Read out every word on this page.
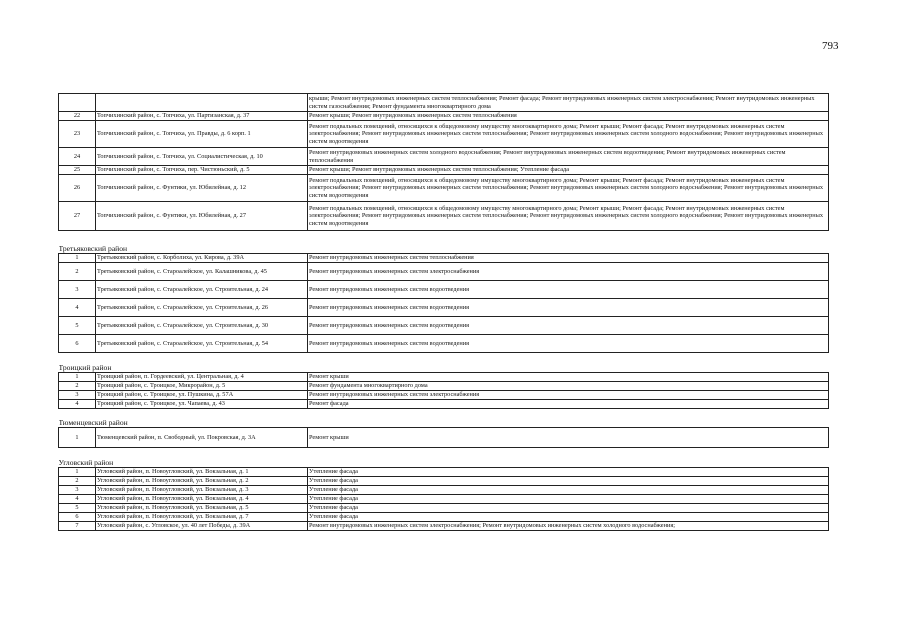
793
		крыши; Ремонт внутридомовых инженерных систем теплоснабжения; Ремонт фасада; Ремонт внутридомовых инженерных систем электроснабжения; Ремонт внутридомовых инженерных систем газоснабжения; Ремонт фундамента многоквартирного дома
22	Топчихинский район, с. Топчиха, ул. Партизанская, д. 37	Ремонт крыши; Ремонт внутридомовых инженерных систем теплоснабжения
23	Топчихинский район, с. Топчиха, ул. Правды, д. 6 корп. 1	Ремонт подвальных помещений, относящихся к общедомовому имуществу многоквартирного дома; Ремонт крыши; Ремонт фасада; Ремонт внутридомовых инженерных систем электроснабжения; Ремонт внутридомовых инженерных систем теплоснабжения; Ремонт внутридомовых инженерных систем холодного водоснабжения; Ремонт внутридомовых инженерных систем водоотведения
24	Топчихинский район, с. Топчиха, ул. Социалистическая, д. 10	Ремонт внутридомовых инженерных систем холодного водоснабжения; Ремонт внутридомовых инженерных систем водоотведения; Ремонт внутридомовых инженерных систем теплоснабжения
25	Топчихинский район, с. Топчиха, пер. Чистюньский, д. 5	Ремонт крыши; Ремонт внутридомовых инженерных систем теплоснабжения; Утепление фасада
26	Топчихинский район, с. Фунтики, ул. Юбилейная, д. 12	Ремонт подвальных помещений, относящихся к общедомовому имуществу многоквартирного дома; Ремонт крыши; Ремонт фасада; Ремонт внутридомовых инженерных систем электроснабжения; Ремонт внутридомовых инженерных систем теплоснабжения; Ремонт внутридомовых инженерных систем холодного водоснабжения; Ремонт внутридомовых инженерных систем водоотведения
27	Топчихинский район, с. Фунтики, ул. Юбилейная, д. 27	Ремонт подвальных помещений, относящихся к общедомовому имуществу многоквартирного дома; Ремонт крыши; Ремонт фасада; Ремонт внутридомовых инженерных систем электроснабжения; Ремонт внутридомовых инженерных систем теплоснабжения; Ремонт внутридомовых инженерных систем холодного водоснабжения; Ремонт внутридомовых инженерных систем водоотведения
Третьяковский район		
1	Третьяковский район, с. Корболиха, ул. Кирова, д. 39А	Ремонт внутридомовых инженерных систем теплоснабжения
2	Третьяковский район, с. Староалейское, ул. Калашникова, д. 45	Ремонт внутридомовых инженерных систем электроснабжения
3	Третьяковский район, с. Староалейское, ул. Строительная, д. 24	Ремонт внутридомовых инженерных систем водоотведения
4	Третьяковский район, с. Староалейское, ул. Строительная, д. 26	Ремонт внутридомовых инженерных систем водоотведения
5	Третьяковский район, с. Староалейское, ул. Строительная, д. 30	Ремонт внутридомовых инженерных систем водоотведения
6	Третьяковский район, с. Староалейское, ул. Строительная, д. 54	Ремонт внутридомовых инженерных систем водоотведения
Троицкий район		
1	Троицкий район, п. Гордеевский, ул. Центральная, д. 4	Ремонт крыши
2	Троицкий район, с. Троицкое, Микрорайон, д. 5	Ремонт фундамента многоквартирного дома
3	Троицкий район, с. Троицкое, ул. Пушкина, д. 57А	Ремонт внутридомовых инженерных систем электроснабжения
4	Троицкий район, с. Троицкое, ул. Чапаева, д. 43	Ремонт фасада
Тюменцевский район		
1	Тюменцевский район, п. Свободный, ул. Покровская, д. 3А	Ремонт крыши
Угловский район		
1	Угловский район, п. Новоугловский, ул. Вокзальная, д. 1	Утепление фасада
2	Угловский район, п. Новоугловский, ул. Вокзальная, д. 2	Утепление фасада
3	Угловский район, п. Новоугловский, ул. Вокзальная, д. 3	Утепление фасада
4	Угловский район, п. Новоугловский, ул. Вокзальная, д. 4	Утепление фасада
5	Угловский район, п. Новоугловский, ул. Вокзальная, д. 5	Утепление фасада
6	Угловский район, п. Новоугловский, ул. Вокзальная, д. 7	Утепление фасада
7	Угловский район, с. Угловское, ул. 40 лет Победы, д. 39А	Ремонт внутридомовых инженерных систем электроснабжения; Ремонт внутридомовых инженерных систем холодного водоснабжения;
